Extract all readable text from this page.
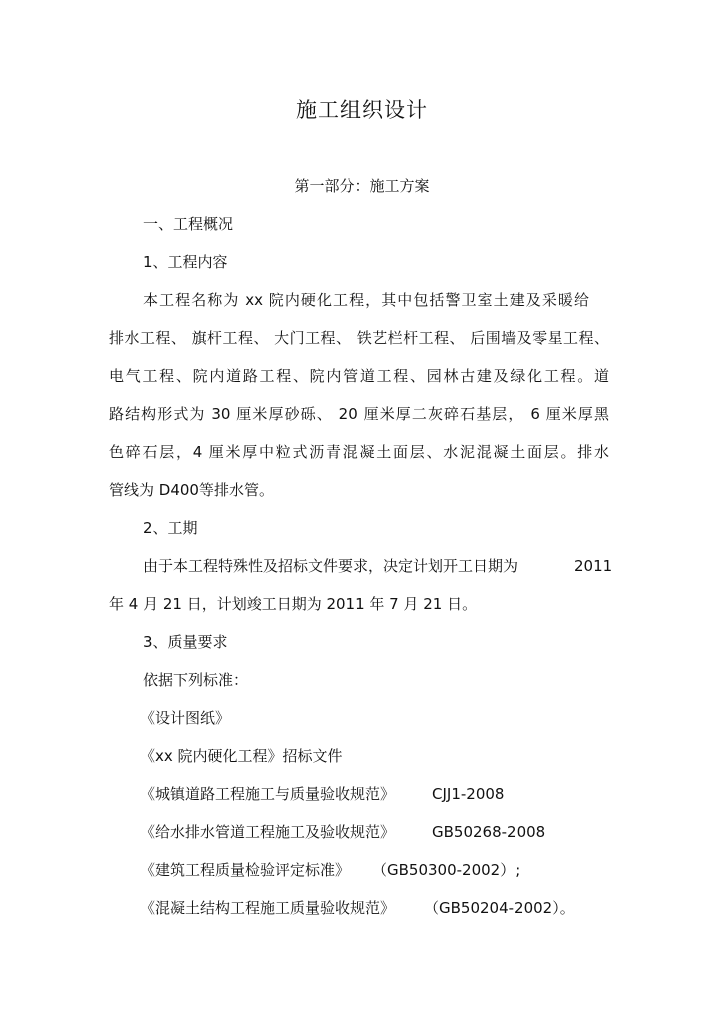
施工组织设计
第一部分：施工方案
一、工程概况
1、工程内容
本工程名称为 xx 院内硬化工程，其中包括警卫室土建及采暖给
排水工程、 旗杆工程、 大门工程、 铁艺栏杆工程、 后围墙及零星工程、
电气工程、院内道路工程、院内管道工程、园林古建及绿化工程。道
路结构形式为 30 厘米厚砂砾、 20 厘米厚二灰碎石基层， 6 厘米厚黑
色碎石层，4 厘米厚中粒式沥青混凝土面层、水泥混凝土面层。排水
管线为 D400等排水管。
2、工期
由于本工程特殊性及招标文件要求，决定计划开工日期为	2011
年 4 月 21 日，计划竣工日期为 2011 年 7 月 21 日。
3、质量要求
依据下列标准：
《设计图纸》
《xx 院内硬化工程》招标文件
《城镇道路工程施工与质量验收规范》 CJJ1-2008
《给水排水管道工程施工及验收规范》 GB50268-2008
《建筑工程质量检验评定标准》 （GB50300-2002）;
《混凝土结构工程施工质量验收规范》 （GB50204-2002）。
